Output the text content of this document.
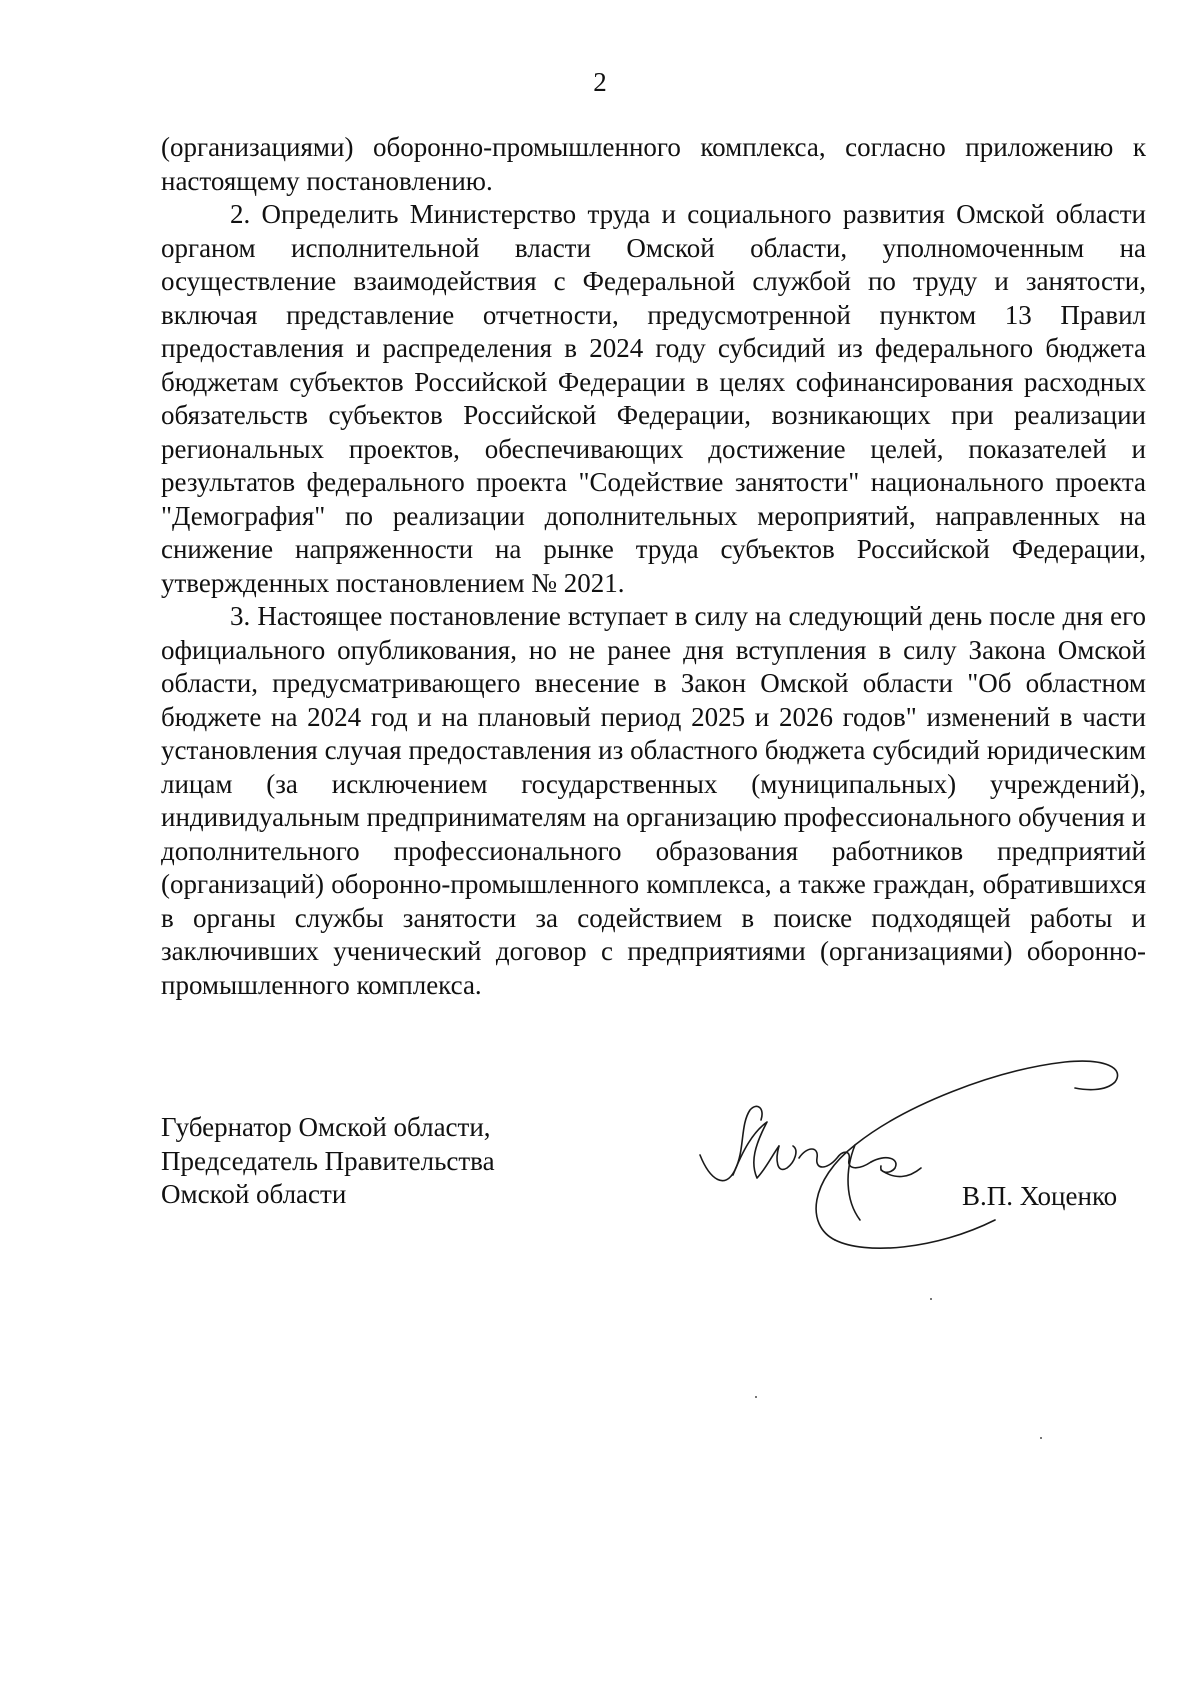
2

(организациями) оборонно-промышленного комплекса, согласно приложению к настоящему постановлению.

2. Определить Министерство труда и социального развития Омской области органом исполнительной власти Омской области, уполномоченным на осуществление взаимодействия с Федеральной службой по труду и занятости, включая представление отчетности, предусмотренной пунктом 13 Правил предоставления и распределения в 2024 году субсидий из федерального бюджета бюджетам субъектов Российской Федерации в целях софинансирования расходных обязательств субъектов Российской Федерации, возникающих при реализации региональных проектов, обеспечивающих достижение целей, показателей и результатов федерального проекта "Содействие занятости" национального проекта "Демография" по реализации дополнительных мероприятий, направленных на снижение напряженности на рынке труда субъектов Российской Федерации, утвержденных постановлением № 2021.

3. Настоящее постановление вступает в силу на следующий день после дня его официального опубликования, но не ранее дня вступления в силу Закона Омской области, предусматривающего внесение в Закон Омской области "Об областном бюджете на 2024 год и на плановый период 2025 и 2026 годов" изменений в части установления случая предоставления из областного бюджета субсидий юридическим лицам (за исключением государственных (муниципальных) учреждений), индивидуальным предпринимателям на организацию профессионального обучения и дополнительного профессионального образования работников предприятий (организаций) оборонно-промышленного комплекса, а также граждан, обратившихся в органы службы занятости за содействием в поиске подходящей работы и заключивших ученический договор с предприятиями (организациями) оборонно-промышленного комплекса.

Губернатор Омской области,
Председатель Правительства
Омской области	В.П. Хоценко
